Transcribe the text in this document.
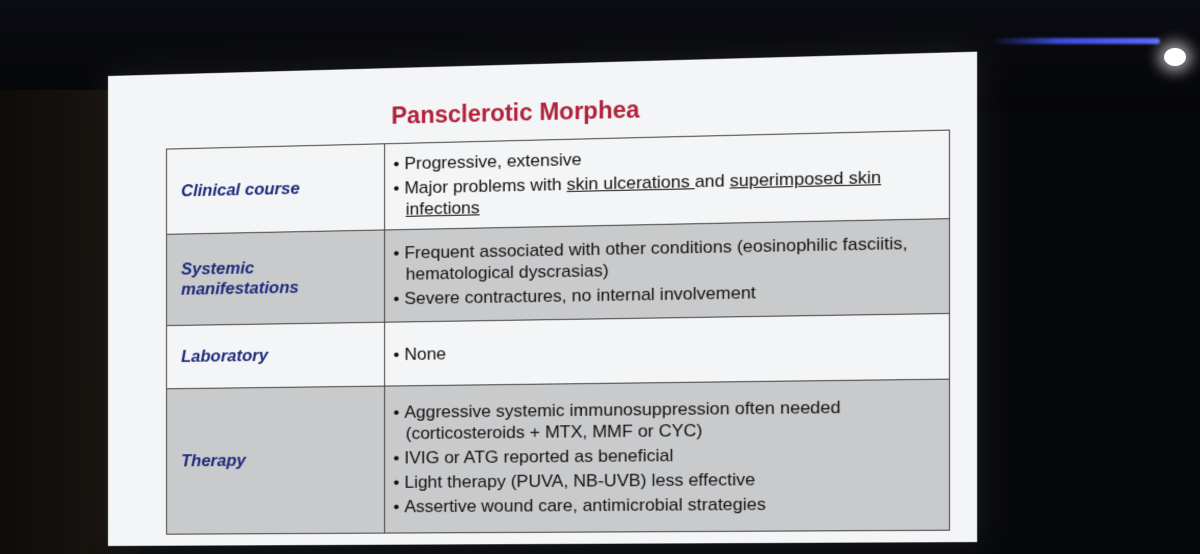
Pansclerotic Morphea
Clinical course	• Progressive, extensive
• Major problems with skin ulcerations and superimposed skin infections

Systemic
manifestations	• Frequent associated with other conditions (eosinophilic fasciitis, hematological dyscrasias)
• Severe contractures, no internal involvement

Laboratory	• None

Therapy	• Aggressive systemic immunosuppression often needed (corticosteroids + MTX, MMF or CYC)
• IVIG or ATG reported as beneficial
• Light therapy (PUVA, NB-UVB) less effective
• Assertive wound care, antimicrobial strategies
